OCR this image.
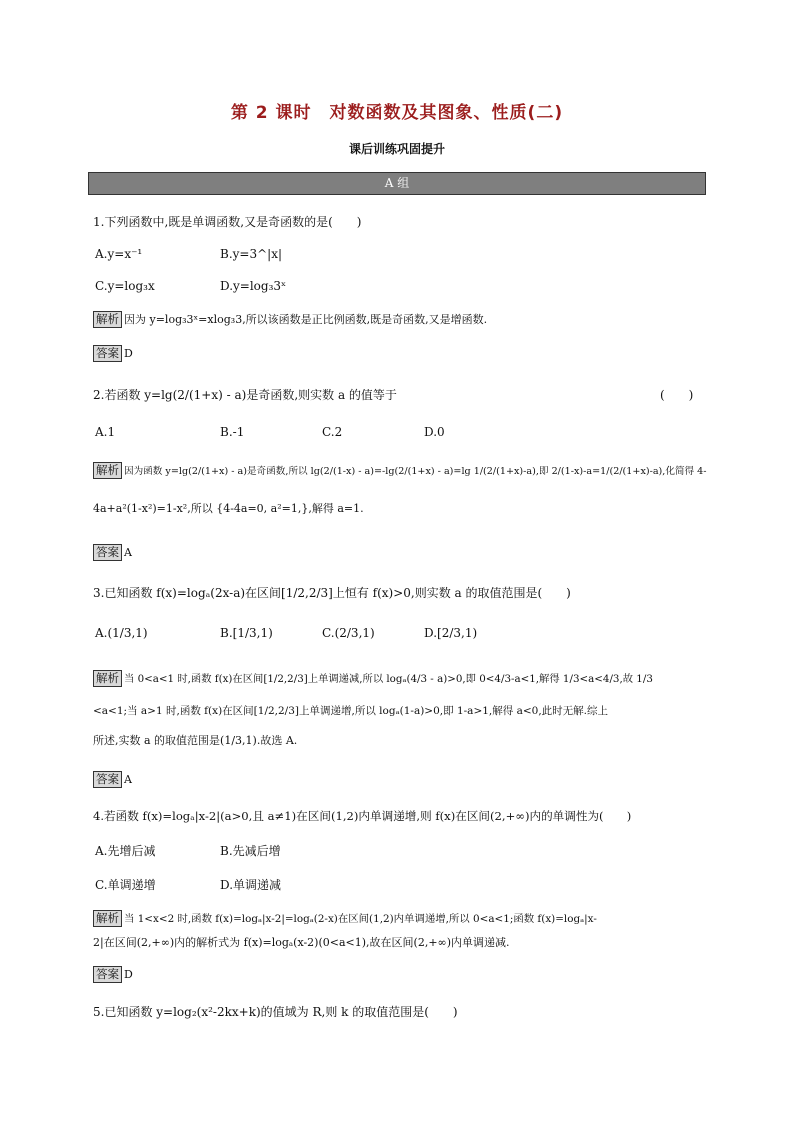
第 2 课时　对数函数及其图象、性质(二)
课后训练巩固提升
A 组
1.下列函数中,既是单调函数,又是奇函数的是(　　)
A.y=x⁻¹	B.y=3^|x|
C.y=log₃x	D.y=log₃3ˣ
解析 因为 y=log₃3ˣ=xlog₃3,所以该函数是正比例函数,既是奇函数,又是增函数.
答案 D
2.若函数 y=lg(2/(1+x) - a)是奇函数,则实数 a 的值等于	(　　)
A.1	B.-1	C.2	D.0
解析 因为函数 y=lg(2/(1+x) - a)是奇函数,所以 lg(2/(1-x) - a)=-lg(2/(1+x) - a)=lg 1/(2/(1+x)-a),即 2/(1-x)-a=1/(2/(1+x)-a),化简得 4-
4a+a²(1-x²)=1-x²,所以 {4-4a=0, a²=1,},解得 a=1.
答案 A
3.已知函数 f(x)=logₐ(2x-a)在区间[1/2,2/3]上恒有 f(x)>0,则实数 a 的取值范围是(　　)
A.(1/3,1)	B.[1/3,1)	C.(2/3,1)	D.[2/3,1)
解析 当 0<a<1 时,函数 f(x)在区间[1/2,2/3]上单调递减,所以 logₐ(4/3 - a)>0,即 0<4/3-a<1,解得 1/3<a<4/3,故 1/3
<a<1;当 a>1 时,函数 f(x)在区间[1/2,2/3]上单调递增,所以 logₐ(1-a)>0,即 1-a>1,解得 a<0,此时无解.综上
所述,实数 a 的取值范围是(1/3,1).故选 A.
答案 A
4.若函数 f(x)=logₐ|x-2|(a>0,且 a≠1)在区间(1,2)内单调递增,则 f(x)在区间(2,+∞)内的单调性为(　　)
A.先增后减	B.先减后增
C.单调递增	D.单调递减
解析 当 1<x<2 时,函数 f(x)=logₐ|x-2|=logₐ(2-x)在区间(1,2)内单调递增,所以 0<a<1;函数 f(x)=logₐ|x-
2|在区间(2,+∞)内的解析式为 f(x)=logₐ(x-2)(0<a<1),故在区间(2,+∞)内单调递减.
答案 D
5.已知函数 y=log₂(x²-2kx+k)的值域为 R,则 k 的取值范围是(　　)
